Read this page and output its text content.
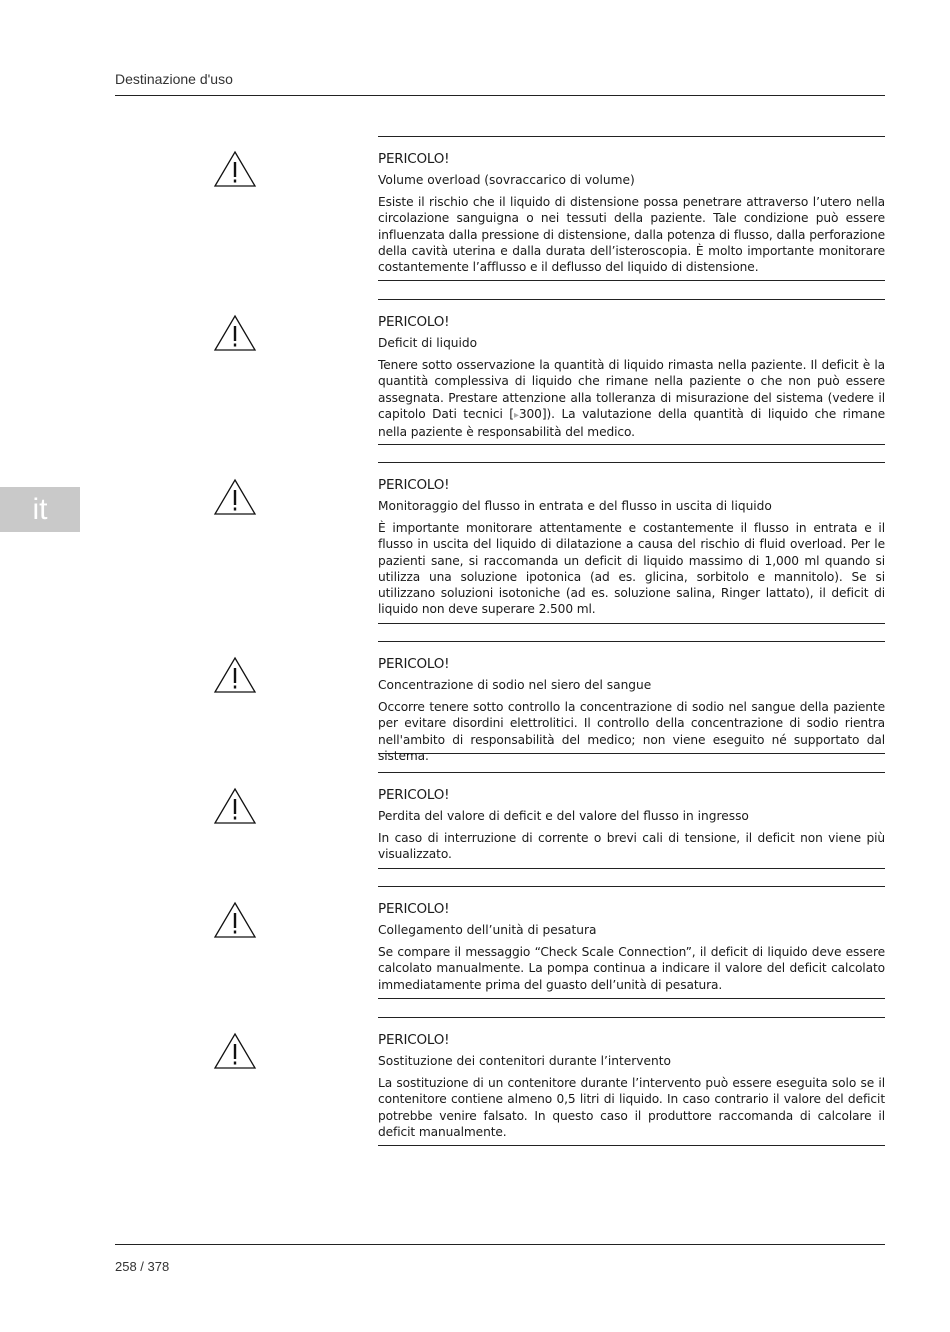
Destinazione d'uso
it
PERICOLO!
Volume overload (sovraccarico di volume)
Esiste il rischio che il liquido di distensione possa penetrare attraverso l’utero nella circolazione sanguigna o nei tessuti della paziente. Tale condizione può essere influenzata dalla pressione di distensione, dalla potenza di flusso, dalla perforazione della cavità uterina e dalla durata dell’isteroscopia. È molto importante monitorare costantemente l’afflusso e il deflusso del liquido di distensione.
PERICOLO!
Deficit di liquido
Tenere sotto osservazione la quantità di liquido rimasta nella paziente. Il deficit è la quantità complessiva di liquido che rimane nella paziente o che non può essere assegnata. Prestare attenzione alla tolleranza di misurazione del sistema (vedere il capitolo Dati tecnici [▸300]). La valutazione della quantità di liquido che rimane nella paziente è responsabilità del medico.
PERICOLO!
Monitoraggio del flusso in entrata e del flusso in uscita di liquido
È importante monitorare attentamente e costantemente il flusso in entrata e il flusso in uscita del liquido di dilatazione a causa del rischio di fluid overload. Per le pazienti sane, si raccomanda un deficit di liquido massimo di 1,000 ml quando si utilizza una soluzione ipotonica (ad es. glicina, sorbitolo e mannitolo). Se si utilizzano soluzioni isotoniche (ad es. soluzione salina, Ringer lattato), il deficit di liquido non deve superare 2.500 ml.
PERICOLO!
Concentrazione di sodio nel siero del sangue
Occorre tenere sotto controllo la concentrazione di sodio nel sangue della paziente per evitare disordini elettrolitici. Il controllo della concentrazione di sodio rientra nell'ambito di responsabilità del medico; non viene eseguito né supportato dal sistema.
PERICOLO!
Perdita del valore di deficit e del valore del flusso in ingresso
In caso di interruzione di corrente o brevi cali di tensione, il deficit non viene più visualizzato.
PERICOLO!
Collegamento dell’unità di pesatura
Se compare il messaggio “Check Scale Connection”, il deficit di liquido deve essere calcolato manualmente. La pompa continua a indicare il valore del deficit calcolato immediatamente prima del guasto dell’unità di pesatura.
PERICOLO!
Sostituzione dei contenitori durante l’intervento
La sostituzione di un contenitore durante l’intervento può essere eseguita solo se il contenitore contiene almeno 0,5 litri di liquido. In caso contrario il valore del deficit potrebbe venire falsato. In questo caso il produttore raccomanda di calcolare il deficit manualmente.
258 / 378
